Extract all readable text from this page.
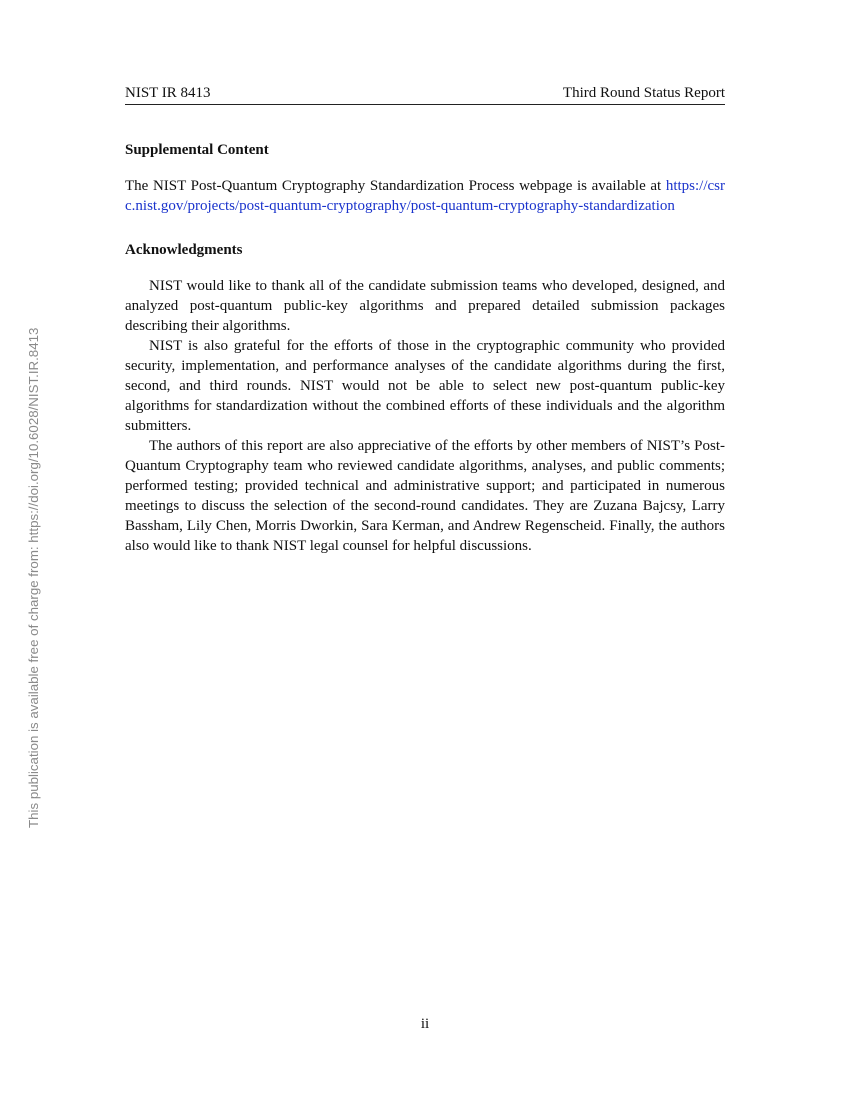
NIST IR 8413	Third Round Status Report
This publication is available free of charge from: https://doi.org/10.6028/NIST.IR.8413
Supplemental Content

The NIST Post-Quantum Cryptography Standardization Process webpage is available at https://csrc.nist.gov/projects/post-quantum-cryptography/post-quantum-cryptography-standardization

Acknowledgments

NIST would like to thank all of the candidate submission teams who developed, designed, and analyzed post-quantum public-key algorithms and prepared detailed submission packages describing their algorithms.

NIST is also grateful for the efforts of those in the cryptographic community who provided security, implementation, and performance analyses of the candidate algorithms during the first, second, and third rounds. NIST would not be able to select new post-quantum public-key algorithms for standardization without the combined efforts of these individuals and the algorithm submitters.

The authors of this report are also appreciative of the efforts by other members of NIST’s Post-Quantum Cryptography team who reviewed candidate algorithms, analyses, and public comments; performed testing; provided technical and administrative support; and participated in numerous meetings to discuss the selection of the second-round candidates. They are Zuzana Bajcsy, Larry Bassham, Lily Chen, Morris Dworkin, Sara Kerman, and Andrew Regenscheid. Finally, the authors also would like to thank NIST legal counsel for helpful discussions.

ii
